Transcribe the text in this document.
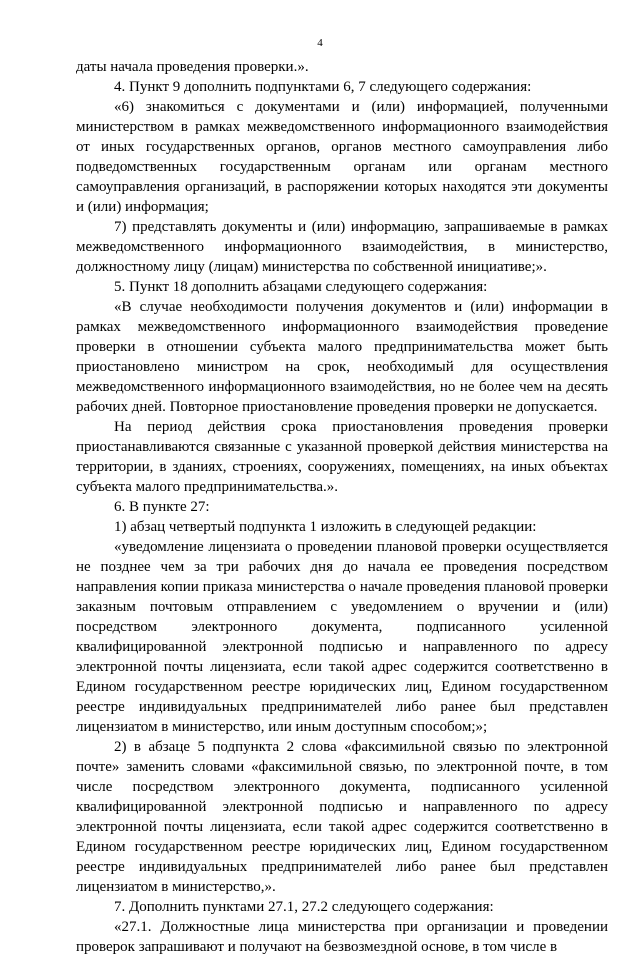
4

даты начала проведения проверки.».

4. Пункт 9 дополнить подпунктами 6, 7 следующего содержания:

«6) знакомиться с документами и (или) информацией, полученными министерством в рамках межведомственного информационного взаимодействия от иных государственных органов, органов местного самоуправления либо подведомственных государственным органам или органам местного самоуправления организаций, в распоряжении которых находятся эти документы и (или) информация;

7) представлять документы и (или) информацию, запрашиваемые в рамках межведомственного информационного взаимодействия, в министерство, должностному лицу (лицам) министерства по собственной инициативе;».

5. Пункт 18 дополнить абзацами следующего содержания:

«В случае необходимости получения документов и (или) информации в рамках межведомственного информационного взаимодействия проведение проверки в отношении субъекта малого предпринимательства может быть приостановлено министром на срок, необходимый для осуществления межведомственного информационного взаимодействия, но не более чем на десять рабочих дней. Повторное приостановление проведения проверки не допускается.

На период действия срока приостановления проведения проверки приостанавливаются связанные с указанной проверкой действия министерства на территории, в зданиях, строениях, сооружениях, помещениях, на иных объектах субъекта малого предпринимательства.».

6. В пункте 27:

1) абзац четвертый подпункта 1 изложить в следующей редакции:

«уведомление лицензиата о проведении плановой проверки осуществляется не позднее чем за три рабочих дня до начала ее проведения посредством направления копии приказа министерства о начале проведения плановой проверки заказным почтовым отправлением с уведомлением о вручении и (или) посредством электронного документа, подписанного усиленной квалифицированной электронной подписью и направленного по адресу электронной почты лицензиата, если такой адрес содержится соответственно в Едином государственном реестре юридических лиц, Едином государственном реестре индивидуальных предпринимателей либо ранее был представлен лицензиатом в министерство, или иным доступным способом;»;

2) в абзаце 5 подпункта 2 слова «факсимильной связью по электронной почте» заменить словами «факсимильной связью, по электронной почте, в том числе посредством электронного документа, подписанного усиленной квалифицированной электронной подписью и направленного по адресу электронной почты лицензиата, если такой адрес содержится соответственно в Едином государственном реестре юридических лиц, Едином государственном реестре индивидуальных предпринимателей либо ранее был представлен лицензиатом в министерство,».

7. Дополнить пунктами 27.1, 27.2 следующего содержания:

«27.1. Должностные лица министерства при организации и проведении проверок запрашивают и получают на безвозмездной основе, в том числе в
